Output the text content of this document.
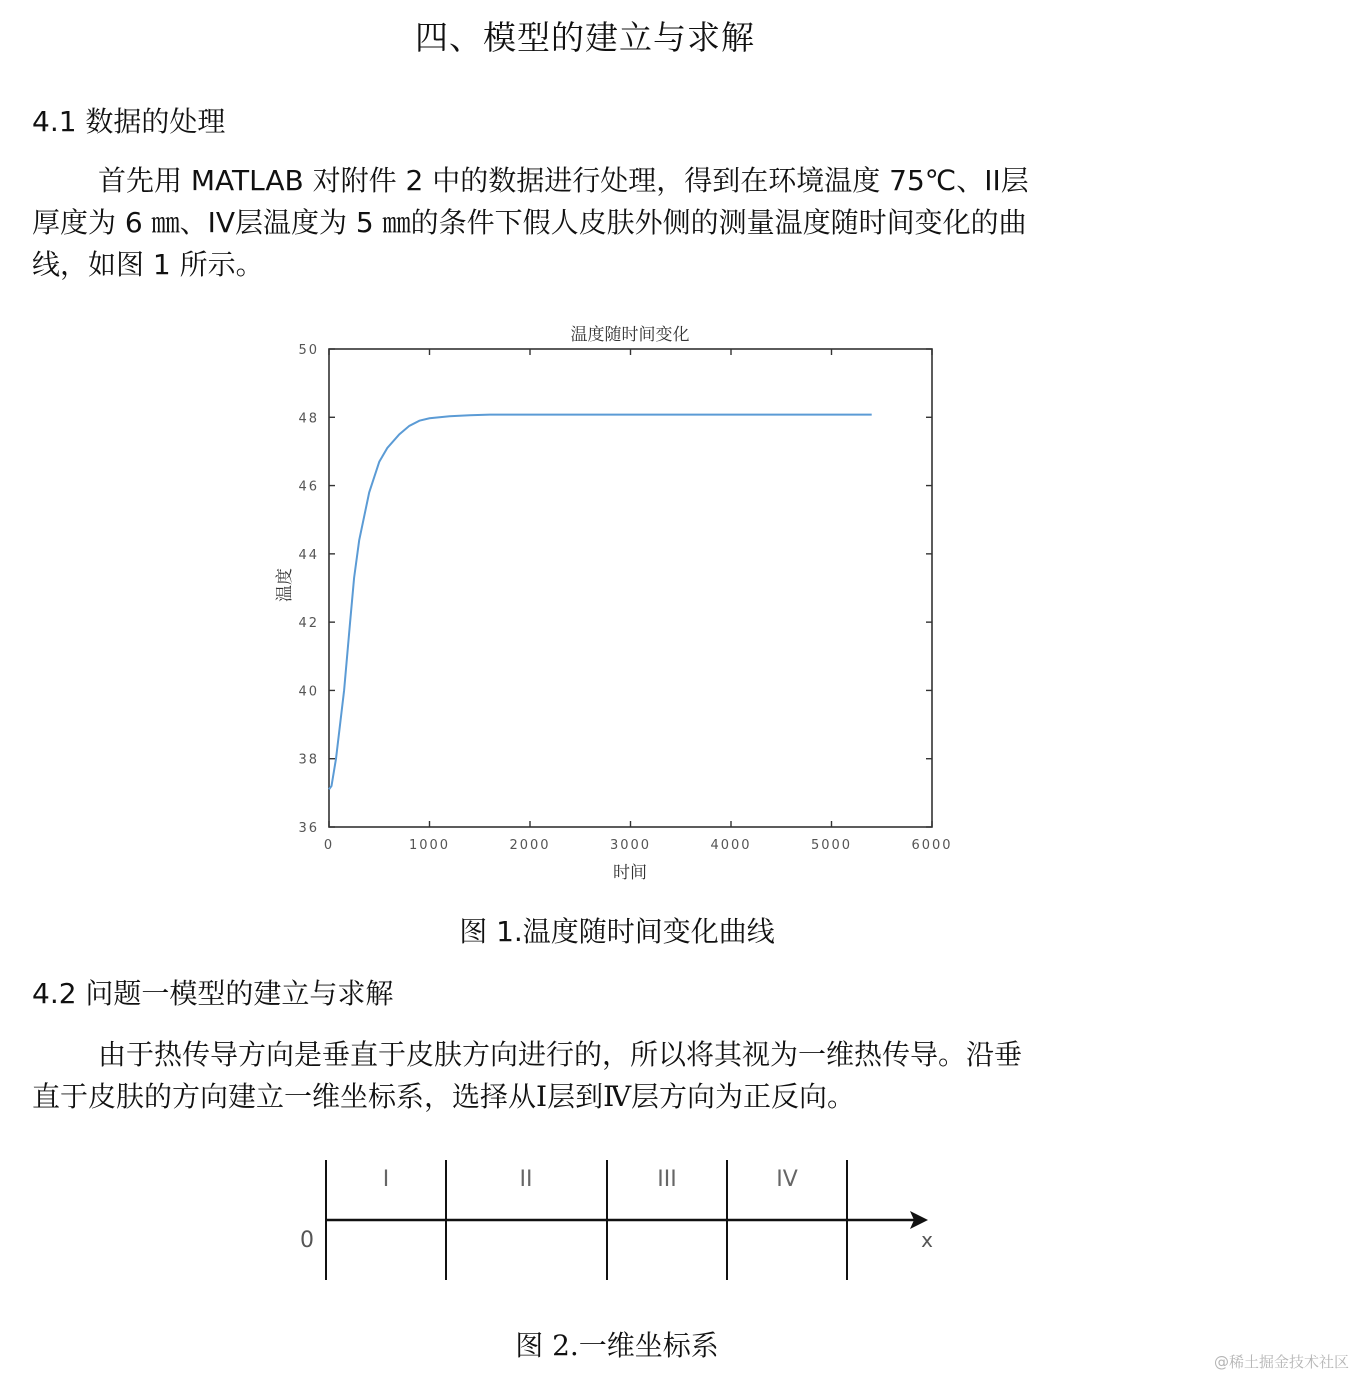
四、模型的建立与求解
4.1 数据的处理

首先用 MATLAB 对附件 2 中的数据进行处理，得到在环境温度 75℃、II层

厚度为 6 ㎜、IV层温度为 5 ㎜的条件下假人皮肤外侧的测量温度随时间变化的曲

线，如图 1 所示。

温度随时间变化
0	1000	2000	3000	4000	5000	6000
36
38
40
42
44
46
48
50
时间
温度
图 1.温度随时间变化曲线
4.2 问题一模型的建立与求解

由于热传导方向是垂直于皮肤方向进行的，所以将其视为一维热传导。沿垂

直于皮肤的方向建立一维坐标系，选择从Ⅰ层到Ⅳ层方向为正反向。

I	II	III	IV
0	x
图 2.一维坐标系	@稀土掘金技术社区
